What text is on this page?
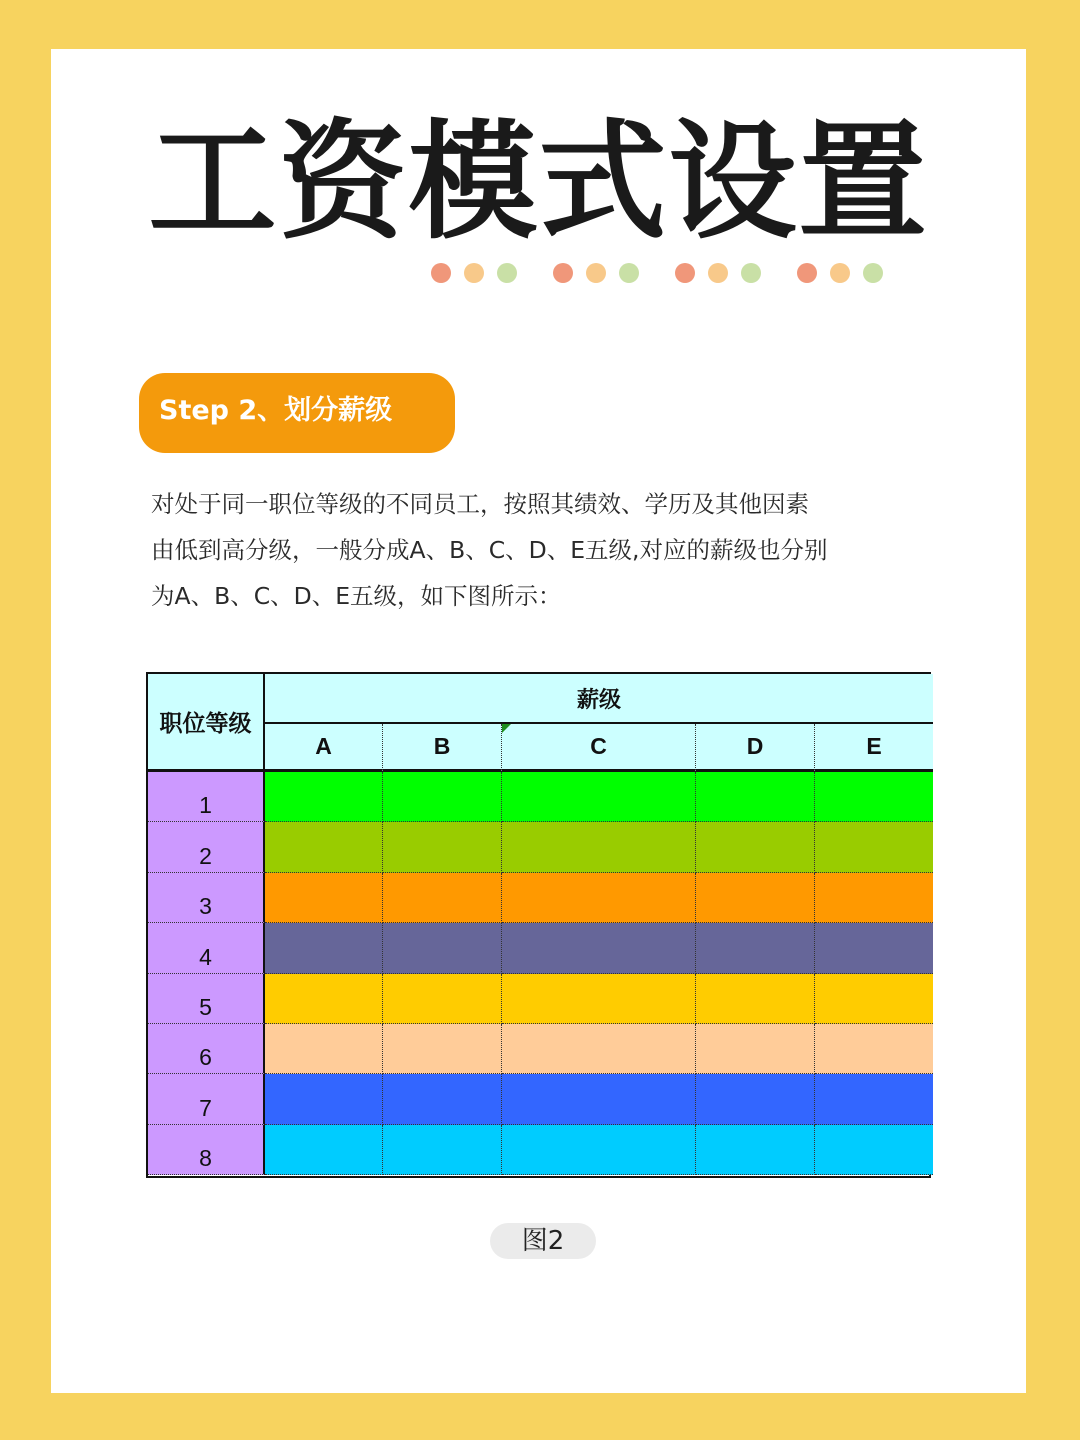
工资模式设置
Step 2、划分薪级
对处于同一职位等级的不同员工，按照其绩效、学历及其他因素
由低到高分级，一般分成A、B、C、D、E五级,对应的薪级也分别
为A、B、C、D、E五级，如下图所示：
职位等级
薪级
A	B	C	D	E
1
2
3
4
5
6
7
8
图2
